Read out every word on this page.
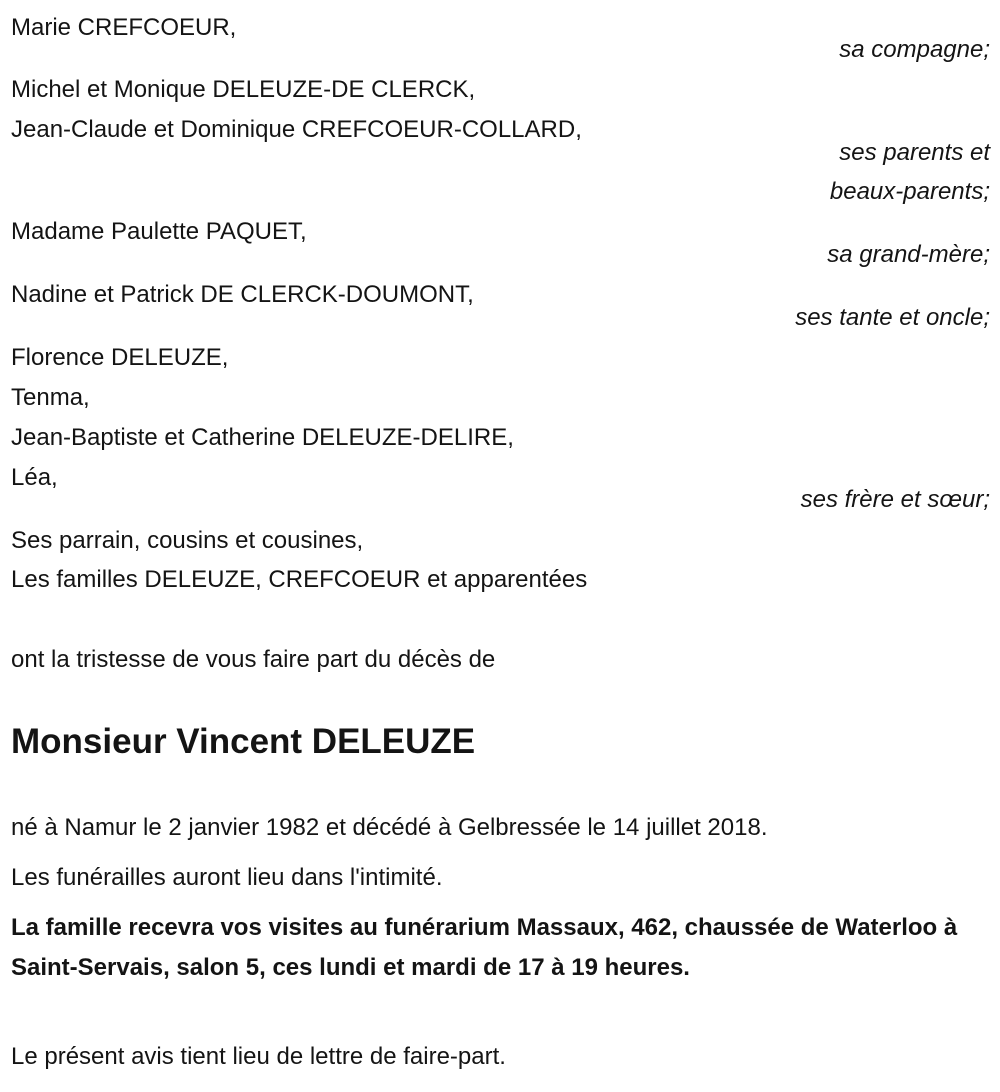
Marie CREFCOEUR,
sa compagne;
Michel et Monique DELEUZE-DE CLERCK,
Jean-Claude et Dominique CREFCOEUR-COLLARD,
ses parents et
beaux-parents;
Madame Paulette PAQUET,
sa grand-mère;
Nadine et Patrick DE CLERCK-DOUMONT,
ses tante et oncle;
Florence DELEUZE,
Tenma,
Jean-Baptiste et Catherine DELEUZE-DELIRE,
Léa,
ses frère et sœur;
Ses parrain, cousins et cousines,
Les familles DELEUZE, CREFCOEUR et apparentées
ont la tristesse de vous faire part du décès de
Monsieur Vincent DELEUZE
né à Namur le 2 janvier 1982 et décédé à Gelbressée le 14 juillet 2018.
Les funérailles auront lieu dans l'intimité.
La famille recevra vos visites au funérarium Massaux, 462, chaussée de Waterloo à Saint-Servais, salon 5, ces lundi et mardi de 17 à 19 heures.
Le présent avis tient lieu de lettre de faire-part.
